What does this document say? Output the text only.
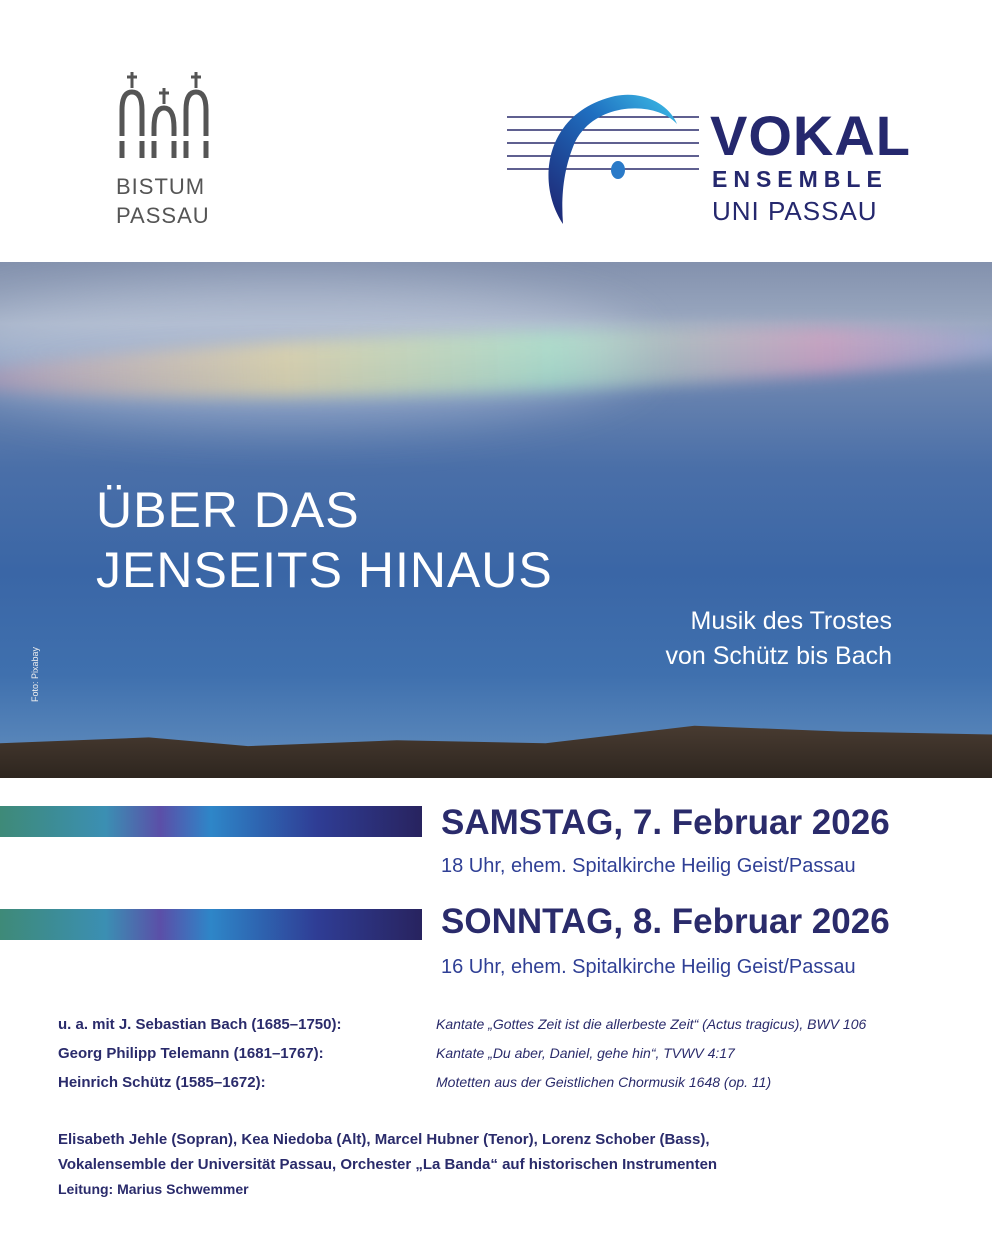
BISTUM
PASSAU
VOKAL
ENSEMBLE
UNI PASSAU
ÜBER DAS
JENSEITS HINAUS
Musik des Trostes
von Schütz bis Bach
Foto: Pixabay
SAMSTAG, 7. Februar 2026
18 Uhr, ehem. Spitalkirche Heilig Geist/Passau
SONNTAG, 8. Februar 2026
16 Uhr, ehem. Spitalkirche Heilig Geist/Passau
u. a. mit J. Sebastian Bach (1685–1750):	Kantate „Gottes Zeit ist die allerbeste Zeit“ (Actus tragicus), BWV 106
Georg Philipp Telemann (1681–1767):	Kantate „Du aber, Daniel, gehe hin“, TVWV 4:17
Heinrich Schütz (1585–1672):	Motetten aus der Geistlichen Chormusik 1648 (op. 11)
Elisabeth Jehle (Sopran), Kea Niedoba (Alt), Marcel Hubner (Tenor), Lorenz Schober (Bass),
Vokalensemble der Universität Passau, Orchester „La Banda“ auf historischen Instrumenten
Leitung: Marius Schwemmer
